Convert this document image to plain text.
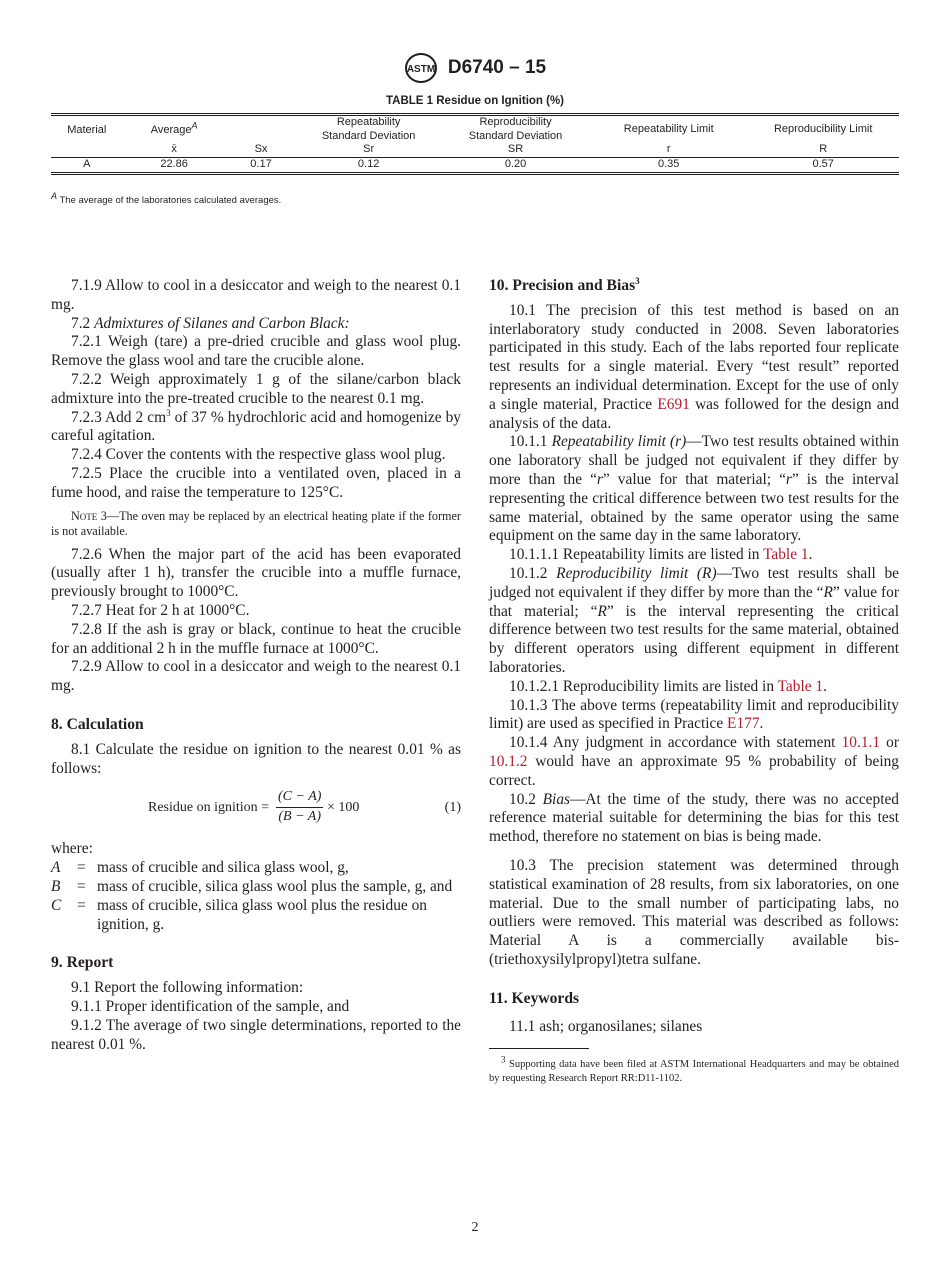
ASTM D6740 – 15
TABLE 1 Residue on Ignition (%)
Material	Average$^A$		Repeatability Standard Deviation	Reproducibility Standard Deviation	Repeatability Limit	Reproducibility Limit
	x̄	Sx	Sr	SR	r	R
A	22.86	0.17	0.12	0.20	0.35	0.57
$^A$ The average of the laboratories calculated averages.

7.1.9 Allow to cool in a desiccator and weigh to the nearest 0.1 mg.

7.2 Admixtures of Silanes and Carbon Black:

7.2.1 Weigh (tare) a pre-dried crucible and glass wool plug. Remove the glass wool and tare the crucible alone.

7.2.2 Weigh approximately 1 g of the silane/carbon black admixture into the pre-treated crucible to the nearest 0.1 mg.

7.2.3 Add 2 $cm^3$ of 37 % hydrochloric acid and homogenize by careful agitation.

7.2.4 Cover the contents with the respective glass wool plug.

7.2.5 Place the crucible into a ventilated oven, placed in a fume hood, and raise the temperature to 125°C.

Note 3—The oven may be replaced by an electrical heating plate if the former is not available.

7.2.6 When the major part of the acid has been evaporated (usually after 1 h), transfer the crucible into a muffle furnace, previously brought to 1000°C.

7.2.7 Heat for 2 h at 1000°C.

7.2.8 If the ash is gray or black, continue to heat the crucible for an additional 2 h in the muffle furnace at 1000°C.

7.2.9 Allow to cool in a desiccator and weigh to the nearest 0.1 mg.

8. Calculation

8.1 Calculate the residue on ignition to the nearest 0.01 % as follows:

Residue on ignition = $\frac{(C - A)}{(B - A)} \times 100$	(1)
where:
A	= mass of crucible and silica glass wool, g,
B	= mass of crucible, silica glass wool plus the sample, g, and
C	= mass of crucible, silica glass wool plus the residue on ignition, g.
9. Report

9.1 Report the following information:

9.1.1 Proper identification of the sample, and

9.1.2 The average of two single determinations, reported to the nearest 0.01 %.

10. Precision and Bias$^3$

10.1 The precision of this test method is based on an interlaboratory study conducted in 2008. Seven laboratories participated in this study. Each of the labs reported four replicate test results for a single material. Every “test result” reported represents an individual determination. Except for the use of only a single material, Practice E691 was followed for the design and analysis of the data.

10.1.1 Repeatability limit (r)—Two test results obtained within one laboratory shall be judged not equivalent if they differ by more than the “r” value for that material; “r” is the interval representing the critical difference between two test results for the same material, obtained by the same operator using the same equipment on the same day in the same laboratory.

10.1.1.1 Repeatability limits are listed in Table 1.

10.1.2 Reproducibility limit (R)—Two test results shall be judged not equivalent if they differ by more than the “R” value for that material; “R” is the interval representing the critical difference between two test results for the same material, obtained by different operators using different equipment in different laboratories.

10.1.2.1 Reproducibility limits are listed in Table 1.

10.1.3 The above terms (repeatability limit and reproducibility limit) are used as specified in Practice E177.

10.1.4 Any judgment in accordance with statement 10.1.1 or 10.1.2 would have an approximate 95 % probability of being correct.

10.2 Bias—At the time of the study, there was no accepted reference material suitable for determining the bias for this test method, therefore no statement on bias is being made.

10.3 The precision statement was determined through statistical examination of 28 results, from six laboratories, on one material. Due to the small number of participating labs, no outliers were removed. This material was described as follows: Material A is a commercially available bis-(triethoxysilylpropyl)tetra sulfane.

11. Keywords

11.1 ash; organosilanes; silanes

$^3$ Supporting data have been filed at ASTM International Headquarters and may be obtained by requesting Research Report RR:D11-1102.
2
